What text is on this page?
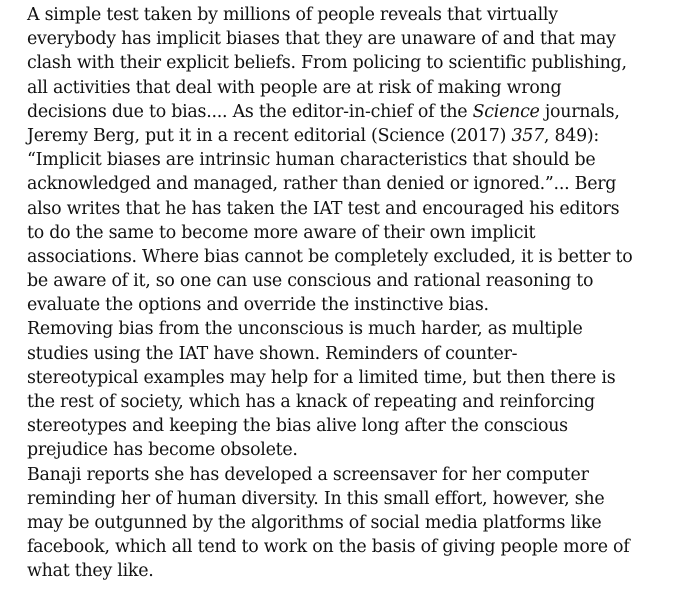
A simple test taken by millions of people reveals that virtually
everybody has implicit biases that they are unaware of and that may
clash with their explicit beliefs. From policing to scientific publishing,
all activities that deal with people are at risk of making wrong
decisions due to bias.... As the editor-in-chief of the Science journals,
Jeremy Berg, put it in a recent editorial (Science (2017) 357, 849):
“Implicit biases are intrinsic human characteristics that should be
acknowledged and managed, rather than denied or ignored.”... Berg
also writes that he has taken the IAT test and encouraged his editors
to do the same to become more aware of their own implicit
associations. Where bias cannot be completely excluded, it is better to
be aware of it, so one can use conscious and rational reasoning to
evaluate the options and override the instinctive bias.

Removing bias from the unconscious is much harder, as multiple
studies using the IAT have shown. Reminders of counter-
stereotypical examples may help for a limited time, but then there is
the rest of society, which has a knack of repeating and reinforcing
stereotypes and keeping the bias alive long after the conscious
prejudice has become obsolete.

Banaji reports she has developed a screensaver for her computer
reminding her of human diversity. In this small effort, however, she
may be outgunned by the algorithms of social media platforms like
facebook, which all tend to work on the basis of giving people more of
what they like.
